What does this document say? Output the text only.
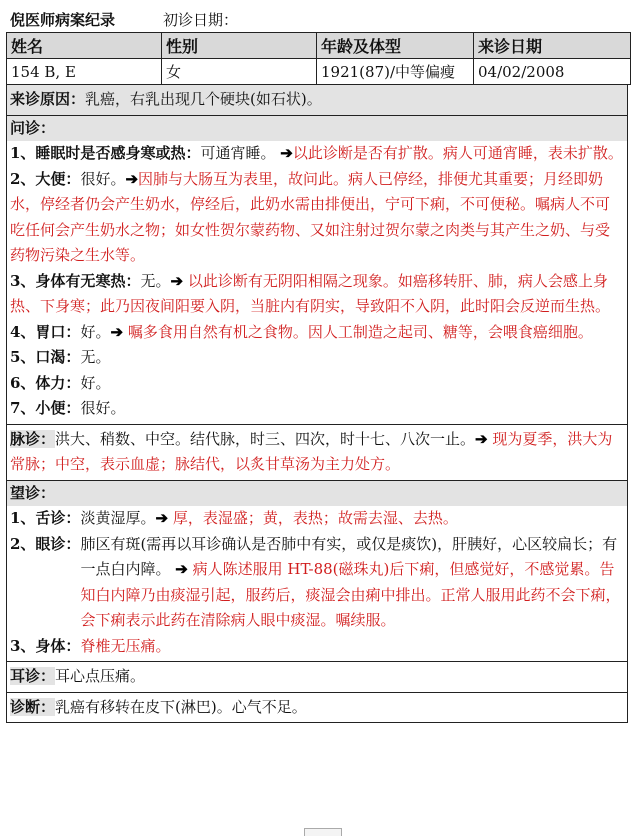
倪医师病案纪录	初诊日期：
姓名	性别	年龄及体型	来诊日期
154 B, E	女	1921(87)/中等偏瘦	04/02/2008
来诊原因：乳癌，右乳出现几个硬块(如石状)。
问诊：
1、睡眠时是否感身寒或热：可通宵睡。 ➔以此诊断是否有扩散。病人可通宵睡，表未扩散。
2、大便：很好。➔因肺与大肠互为表里，故问此。病人已停经，排便尤其重要；月经即奶水，停经者仍会产生奶水，停经后，此奶水需由排便出，宁可下痢，不可便秘。嘱病人不可吃任何会产生奶水之物；如女性贺尔蒙药物、又如注射过贺尔蒙之肉类与其产生之奶、与受药物污染之生水等。
3、身体有无寒热：无。➔ 以此诊断有无阴阳相隔之现象。如癌移转肝、肺，病人会感上身热、下身寒；此乃因夜间阳要入阴，当脏内有阴实，导致阳不入阴，此时阳会反逆而生热。
4、胃口：好。➔ 嘱多食用自然有机之食物。因人工制造之起司、糖等，会喂食癌细胞。
5、口渴：无。
6、体力：好。
7、小便：很好。
脉诊：洪大、稍数、中空。结代脉，时三、四次，时十七、八次一止。➔ 现为夏季，洪大为常脉；中空，表示血虚；脉结代，以炙甘草汤为主力处方。
望诊：
1、舌诊：淡黄湿厚。➔ 厚，表湿盛；黄，表热；故需去湿、去热。
2、眼诊： 肺区有斑(需再以耳诊确认是否肺中有实，或仅是痰饮)，肝胰好，心区较扁长；有一点白内障。 ➔ 病人陈述服用 HT-88(磁珠丸)后下痢，但感觉好，不感觉累。告知白内障乃由痰湿引起，服药后，痰湿会由痢中排出。正常人服用此药不会下痢，会下痢表示此药在清除病人眼中痰湿。嘱续服。
3、身体：脊椎无压痛。
耳诊：耳心点压痛。
诊断：乳癌有移转在皮下(淋巴)。心气不足。
